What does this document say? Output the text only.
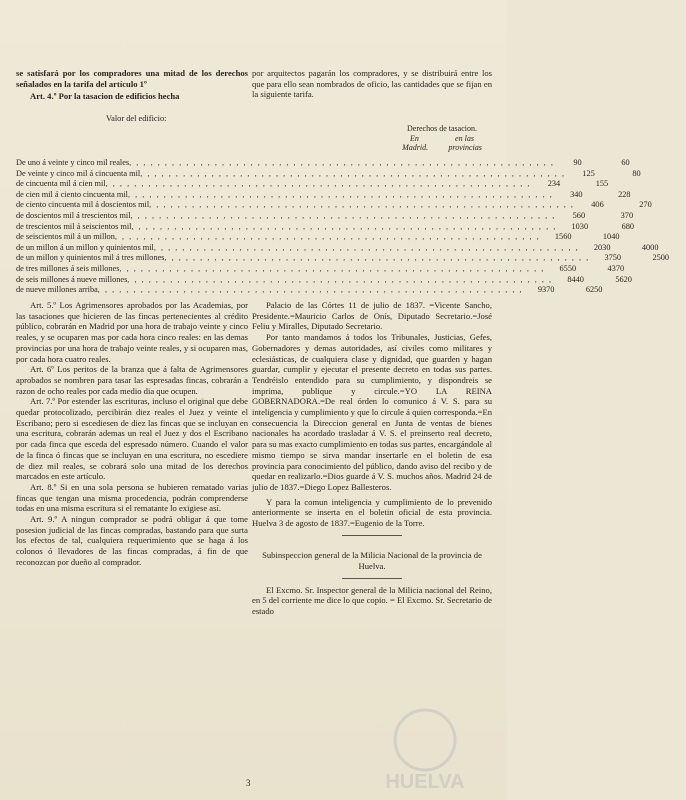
se satisfará por los compradores una mitad de los derechos señalados en la tarifa del artículo 1º

Art. 4.º Por la tasacion de edificios hecha

Valor del edificio:

por arquitectos pagarán los compradores, y se distribuirá entre los que para ello sean nombrados de oficio, las cantidades que se fijan en la siguiente tarifa.

Derechos de tasacion.
En	en las
Madrid.	provincias
De uno á veinte y cinco mil reales , , , , , , , , , , , , , , , , , , , , , , , , , , , , , , , , , , , , , , , , , , , , , , , , , , , , , , , , , , , ,	90	60
De veinte y cinco mil á cincuenta mil , , , , , , , , , , , , , , , , , , , , , , , , , , , , , , , , , , , , , , , , , , , , , , , , , , , , , , , , , , , ,	125	80
de cincuenta mil á cien mil , , , , , , , , , , , , , , , , , , , , , , , , , , , , , , , , , , , , , , , , , , , , , , , , , , , , , , , , , , , ,	234	155
de cien mil á ciento cincuenta mil , , , , , , , , , , , , , , , , , , , , , , , , , , , , , , , , , , , , , , , , , , , , , , , , , , , , , , , , , , , ,	340	228
de ciento cincuenta mil á doscientos mil , , , , , , , , , , , , , , , , , , , , , , , , , , , , , , , , , , , , , , , , , , , , , , , , , , , , , , , , , , , ,	406	270
de doscientos mil á trescientos mil , , , , , , , , , , , , , , , , , , , , , , , , , , , , , , , , , , , , , , , , , , , , , , , , , , , , , , , , , , , ,	560	370
de trescientos mil á seiscientos mil , , , , , , , , , , , , , , , , , , , , , , , , , , , , , , , , , , , , , , , , , , , , , , , , , , , , , , , , , , , ,	1030	680
de seiscientos mil á un millon , , , , , , , , , , , , , , , , , , , , , , , , , , , , , , , , , , , , , , , , , , , , , , , , , , , , , , , , , , , ,	1560	1040
de un millon á un millon y quinientos mil , , , , , , , , , , , , , , , , , , , , , , , , , , , , , , , , , , , , , , , , , , , , , , , , , , , , , , , , , , , ,	2030	4000
de un millon y quinientos mil á tres millones , , , , , , , , , , , , , , , , , , , , , , , , , , , , , , , , , , , , , , , , , , , , , , , , , , , , , , , , , , , ,	3750	2500
de tres millones á seis millones , , , , , , , , , , , , , , , , , , , , , , , , , , , , , , , , , , , , , , , , , , , , , , , , , , , , , , , , , , , ,	6550	4370
de seis millones á nueve millones , , , , , , , , , , , , , , , , , , , , , , , , , , , , , , , , , , , , , , , , , , , , , , , , , , , , , , , , , , , ,	8440	5620
de nueve millones arriba , , , , , , , , , , , , , , , , , , , , , , , , , , , , , , , , , , , , , , , , , , , , , , , , , , , , , , , , , , , ,	9370	6250

Art. 5.º Los Agrimensores aprobados por las Academias, por las tasaciones que hicieren de las fincas pertenecientes al crédito público, cobrarán en Madrid por una hora de trabajo veinte y cinco reales, y se ocuparen mas por cada hora cinco reales: en las demas provincias por una hora de trabajo veinte reales, y si ocuparen mas, por cada hora cuatro reales.

Art. 6º Los peritos de la branza que á falta de Agrimensores aprobados se nombren para tasar las espresadas fincas, cobrarán a razon de ocho reales por cada medio dia que ocupen.

Art. 7.º Por estender las escrituras, incluso el original que debe quedar protocolizado, percibirán diez reales el Juez y veinte el Escribano; pero si escediesen de diez las fincas que se incluyan en una escritura, cobrarán ademas un real el Juez y dos el Escribano por cada finca que esceda del espresado número. Cuando el valor de la finca ó fincas que se incluyan en una escritura, no escediere de diez mil reales, se cobrará solo una mitad de los derechos marcados en este artículo.

Art. 8.º Si en una sola persona se hubieren rematado varias fincas que tengan una misma procedencia, podrán comprenderse todas en una misma escritura si el rematante lo exigiese así.

Art. 9.º A ningun comprador se podrá obligar á que tome posesion judicial de las fincas compradas, bastando para que surta los efectos de tal, cualquiera requerimiento que se haga á los colonos ó llevadores de las fincas compradas, á fin de que reconozcan por dueño al comprador.

Palacio de las Córtes 11 de julio de 1837. =Vicente Sancho, Presidente.=Mauricio Carlos de Onís, Diputado Secretario.=José Feliu y Miralles, Diputado Secretario.

Por tanto mandamos á todos los Tribunales, Justicias, Gefes, Gobernadores y demas autoridades, así civiles como militares y eclesiásticas, de cualquiera clase y dignidad, que guarden y hagan guardar, cumplir y ejecutar el presente decreto en todas sus partes. Tendréislo entendido para su cumplimiento, y dispondreis se imprima, publique y circule.=YO LA REINA GOBERNADORA.=De real órden lo comunico á V. S. para su inteligencia y cumplimiento y que lo circule á quien corresponda.=En consecuencia la Direccion general en Junta de ventas de bienes nacionales ha acordado trasladar á V. S. el preinserto real decreto, para su mas exacto cumplimiento en todas sus partes, encargándole al mismo tiempo se sirva mandar insertarle en el boletin de esa provincia para conocimiento del público, dando aviso del recibo y de quedar en realizarlo.=Dios guarde á V. S. muchos años. Madrid 24 de julio de 1837.=Diego Lopez Ballesteros.

Y para la comun inteligencia y cumplimiento de lo prevenido anteriormente se inserta en el boletin oficial de esta provincia. Huelva 3 de agosto de 1837.=Eugenio de la Torre.

Subinspeccion general de la Milicia Nacional de la provincia de Huelva.

El Excmo. Sr. Inspector general de la Milicia nacional del Reino, en 5 del corriente me dice lo que copio. = El Excmo. Sr. Secretario de estado

HUELVA
3
